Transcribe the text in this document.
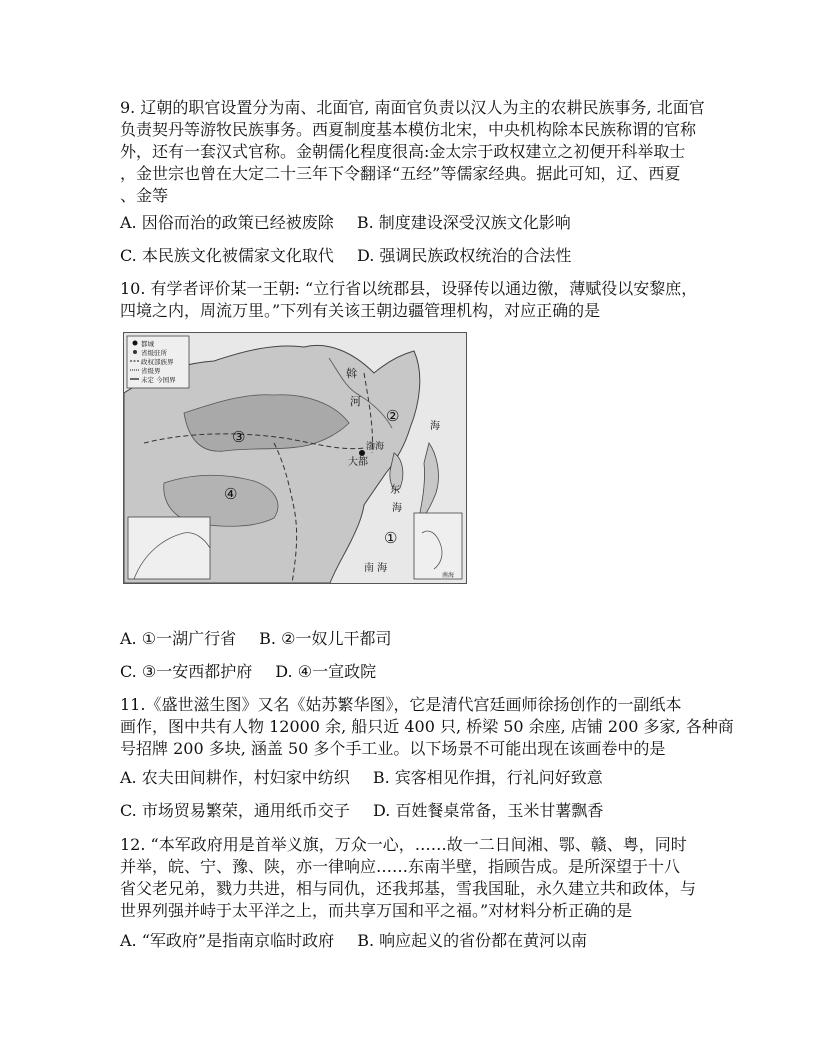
9. 辽朝的职官设置分为南、北面官, 南面官负责以汉人为主的农耕民族事务, 北面官
负责契丹等游牧民族事务。西夏制度基本模仿北宋，中央机构除本民族称谓的官称
外，还有一套汉式官称。金朝儒化程度很高:金太宗于政权建立之初便开科举取士
，金世宗也曾在大定二十三年下令翻译“五经”等儒家经典。据此可知，辽、西夏
、金等
A. 因俗而治的政策已经被废除 B. 制度建设深受汉族文化影响
C. 本民族文化被儒家文化取代 D. 强调民族政权统治的合法性
10. 有学者评价某一王朝: “立行省以统郡县，设驿传以通边徼，薄赋役以安黎庶，
四境之内，周流万里。”下列有关该王朝边疆管理机构，对应正确的是
都城
省级驻所
政权部族界
省级界
未定 今国界	斡
河
②
③
大都
渤海
④	东
海
海
①
南 海
南海
A. ①一湖广行省 B. ②一奴儿干都司
C. ③一安西都护府 D. ④一宣政院
11.《盛世滋生图》又名《姑苏繁华图》，它是清代宫廷画师徐扬创作的一副纸本
画作，图中共有人物 12000 余, 船只近 400 只, 桥梁 50 余座, 店铺 200 多家, 各种商
号招牌 200 多块, 涵盖 50 多个手工业。以下场景不可能出现在该画卷中的是
A. 农夫田间耕作，村妇家中纺织 B. 宾客相见作揖，行礼问好致意
C. 市场贸易繁荣，通用纸币交子 D. 百姓餐桌常备，玉米甘薯飘香
12. “本军政府用是首举义旗，万众一心，……故一二日间湘、鄂、赣、粤，同时
并举，皖、宁、豫、陕，亦一律响应……东南半壁，指顾告成。是所深望于十八
省父老兄弟，戮力共进，相与同仇，还我邦基，雪我国耻，永久建立共和政体，与
世界列强并峙于太平洋之上，而共享万国和平之福。”对材料分析正确的是
A. “军政府”是指南京临时政府 B. 响应起义的省份都在黄河以南
